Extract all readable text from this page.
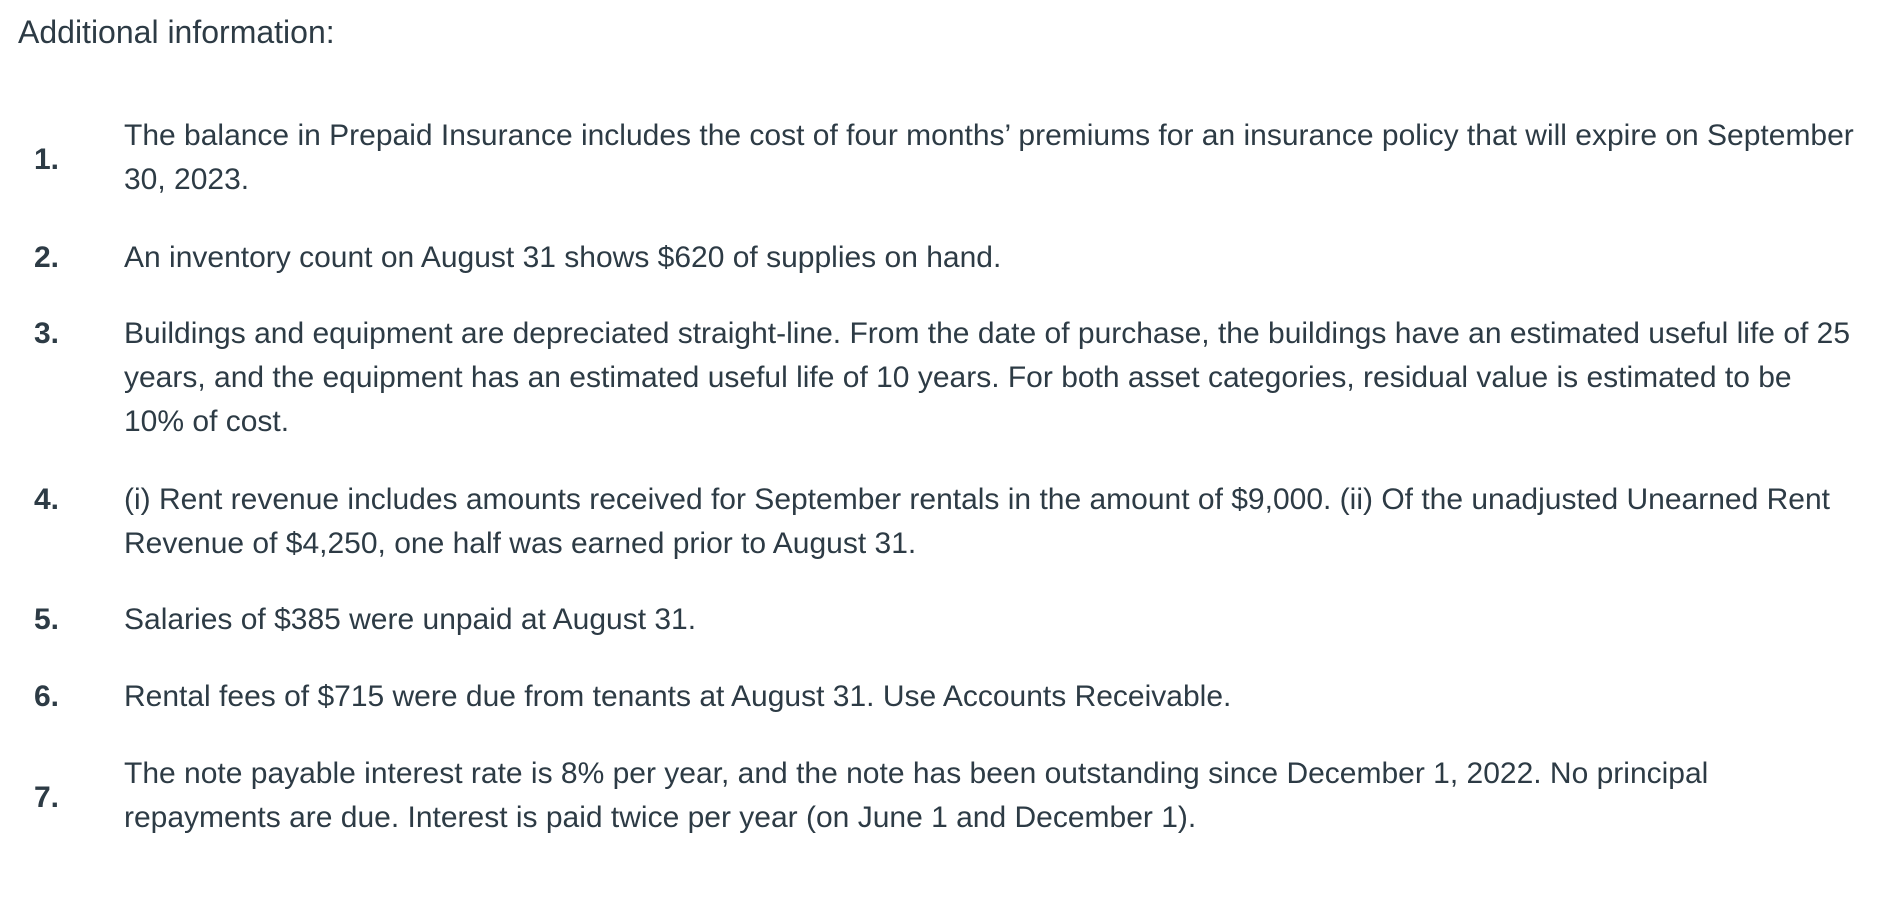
Additional information:
1.
The balance in Prepaid Insurance includes the cost of four months’ premiums for an insurance policy that will expire on September 30, 2023.
2.	An inventory count on August 31 shows $620 of supplies on hand.
3.	Buildings and equipment are depreciated straight-line. From the date of purchase, the buildings have an estimated useful life of 25 years, and the equipment has an estimated useful life of 10 years. For both asset categories, residual value is estimated to be 10% of cost.
4.	(i) Rent revenue includes amounts received for September rentals in the amount of $9,000. (ii) Of the unadjusted Unearned Rent Revenue of $4,250, one half was earned prior to August 31.
5.	Salaries of $385 were unpaid at August 31.
6.	Rental fees of $715 were due from tenants at August 31. Use Accounts Receivable.
7.
The note payable interest rate is 8% per year, and the note has been outstanding since December 1, 2022. No principal repayments are due. Interest is paid twice per year (on June 1 and December 1).
